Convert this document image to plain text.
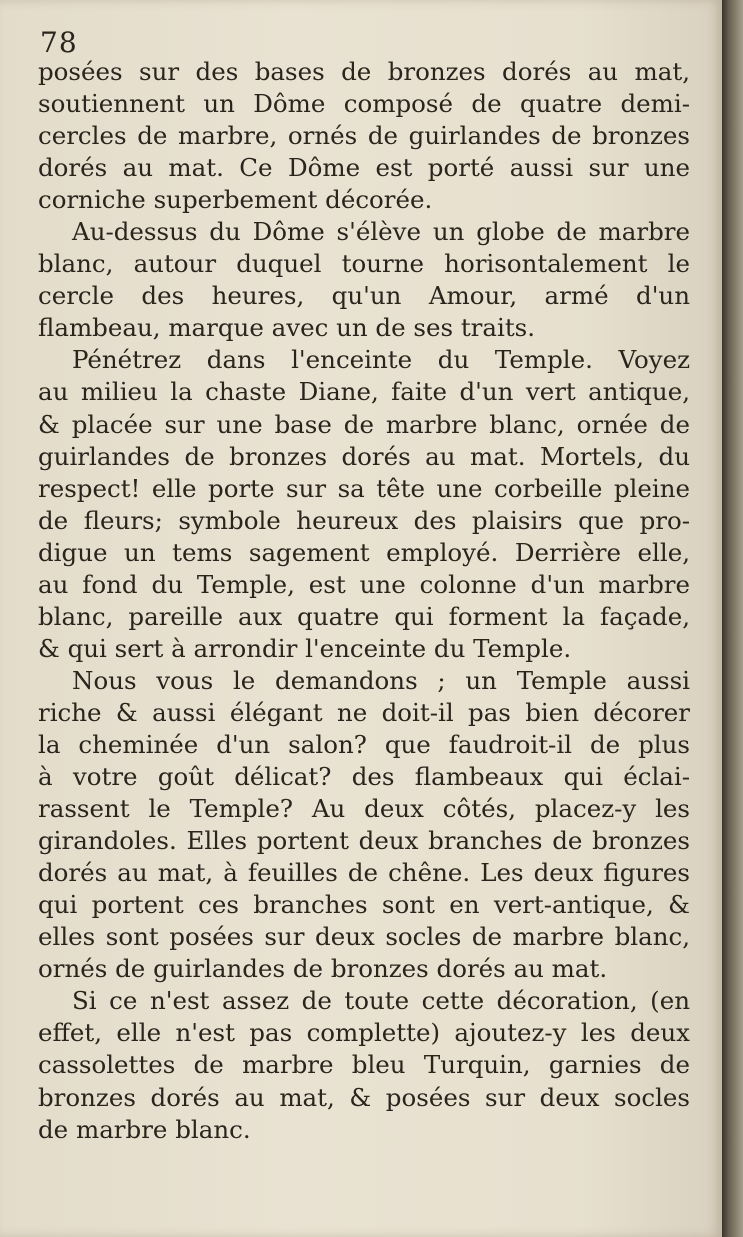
78
posées sur des bases de bronzes dorés au mat,
soutiennent un Dôme composé de quatre demi-
cercles de marbre, ornés de guirlandes de bronzes
dorés au mat. Ce Dôme est porté aussi sur une
corniche superbement décorée.
Au-dessus du Dôme s'élève un globe de marbre
blanc, autour duquel tourne horisontalement le
cercle des heures, qu'un Amour, armé d'un
flambeau, marque avec un de ses traits.
Pénétrez dans l'enceinte du Temple. Voyez
au milieu la chaste Diane, faite d'un vert antique,
& placée sur une base de marbre blanc, ornée de
guirlandes de bronzes dorés au mat. Mortels, du
respect! elle porte sur sa tête une corbeille pleine
de fleurs; symbole heureux des plaisirs que pro-
digue un tems sagement employé. Derrière elle,
au fond du Temple, est une colonne d'un marbre
blanc, pareille aux quatre qui forment la façade,
& qui sert à arrondir l'enceinte du Temple.
Nous vous le demandons ; un Temple aussi
riche & aussi élégant ne doit-il pas bien décorer
la cheminée d'un salon? que faudroit-il de plus
à votre goût délicat? des flambeaux qui éclai-
rassent le Temple? Au deux côtés, placez-y les
girandoles. Elles portent deux branches de bronzes
dorés au mat, à feuilles de chêne. Les deux figures
qui portent ces branches sont en vert-antique, &
elles sont posées sur deux socles de marbre blanc,
ornés de guirlandes de bronzes dorés au mat.
Si ce n'est assez de toute cette décoration, (en
effet, elle n'est pas complette) ajoutez-y les deux
cassolettes de marbre bleu Turquin, garnies de
bronzes dorés au mat, & posées sur deux socles
de marbre blanc.
